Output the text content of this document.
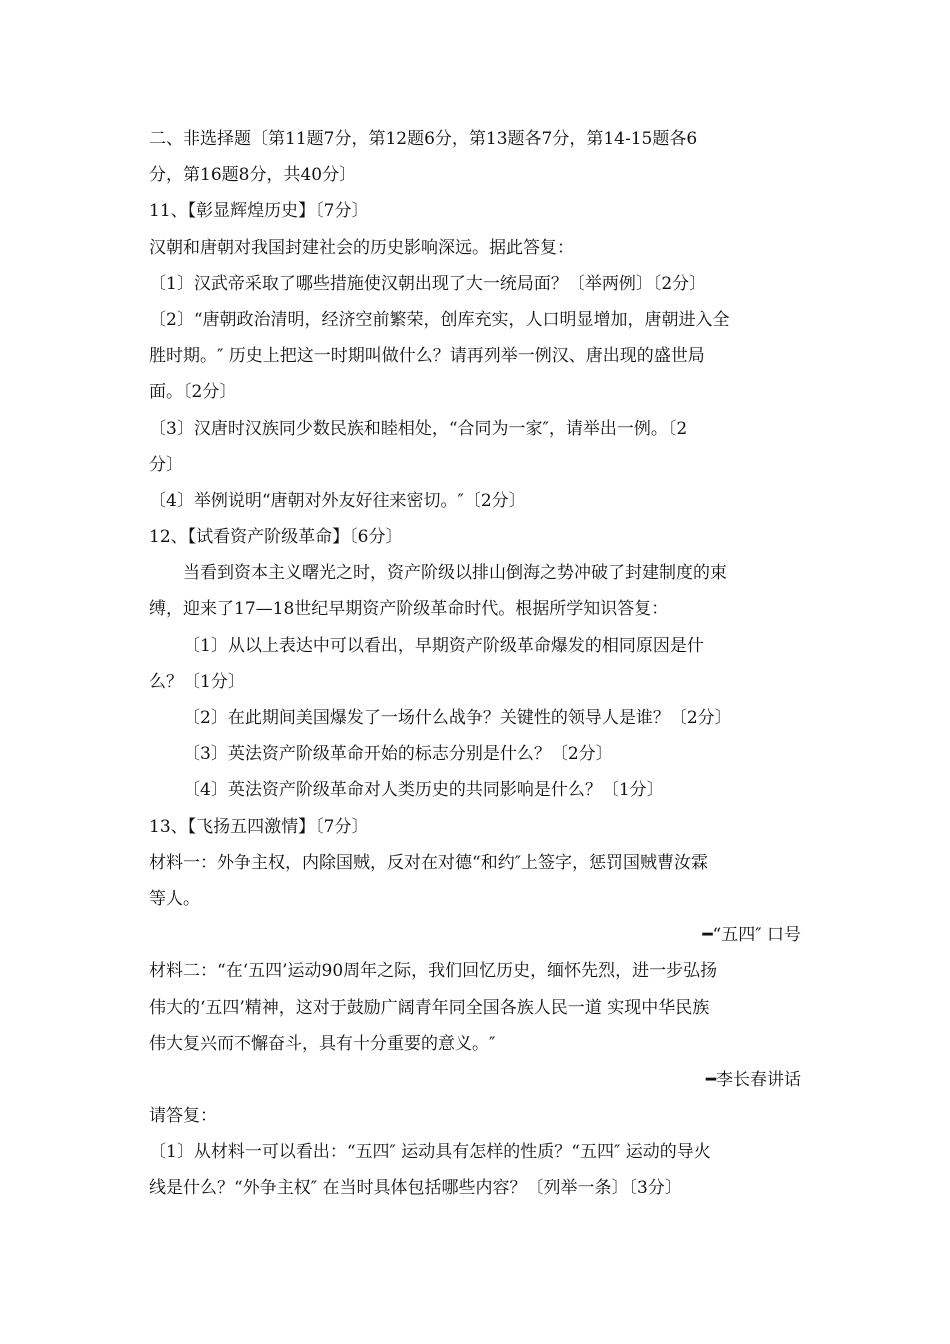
二、非选择题〔第11题7分，第12题6分，第13题各7分，第14-15题各6
分，第16题8分，共40分〕
11、【彰显辉煌历史】〔7分〕
汉朝和唐朝对我国封建社会的历史影响深远。据此答复：
〔1〕汉武帝采取了哪些措施使汉朝出现了大一统局面？〔举两例〕〔2分〕
〔2〕“唐朝政治清明，经济空前繁荣，创库充实，人口明显增加，唐朝进入全
胜时期。″ 历史上把这一时期叫做什么？请再列举一例汉、唐出现的盛世局
面。〔2分〕
〔3〕汉唐时汉族同少数民族和睦相处，“合同为一家″，请举出一例。〔2
分〕
〔4〕举例说明“唐朝对外友好往来密切。″〔2分〕
12、【试看资产阶级革命】〔6分〕
当看到资本主义曙光之时，资产阶级以排山倒海之势冲破了封建制度的束
缚，迎来了17—18世纪早期资产阶级革命时代。根据所学知识答复：
〔1〕从以上表达中可以看出，早期资产阶级革命爆发的相同原因是什
么？〔1分〕
〔2〕在此期间美国爆发了一场什么战争？关键性的领导人是谁？〔2分〕
〔3〕英法资产阶级革命开始的标志分别是什么？〔2分〕
〔4〕英法资产阶级革命对人类历史的共同影响是什么？〔1分〕
13、【飞扬五四激情】〔7分〕
材料一：外争主权，内除国贼，反对在对德“和约″上签字，惩罚国贼曹汝霖
等人。
━“五四″ 口号
材料二：“在‘五四’运动90周年之际，我们回忆历史，缅怀先烈，进一步弘扬
伟大的‘五四’精神，这对于鼓励广阔青年同全国各族人民一道 实现中华民族
伟大复兴而不懈奋斗，具有十分重要的意义。″
━李长春讲话
请答复：
〔1〕从材料一可以看出：“五四″ 运动具有怎样的性质？“五四″ 运动的导火
线是什么？“外争主权″ 在当时具体包括哪些内容？〔列举一条〕〔3分〕
